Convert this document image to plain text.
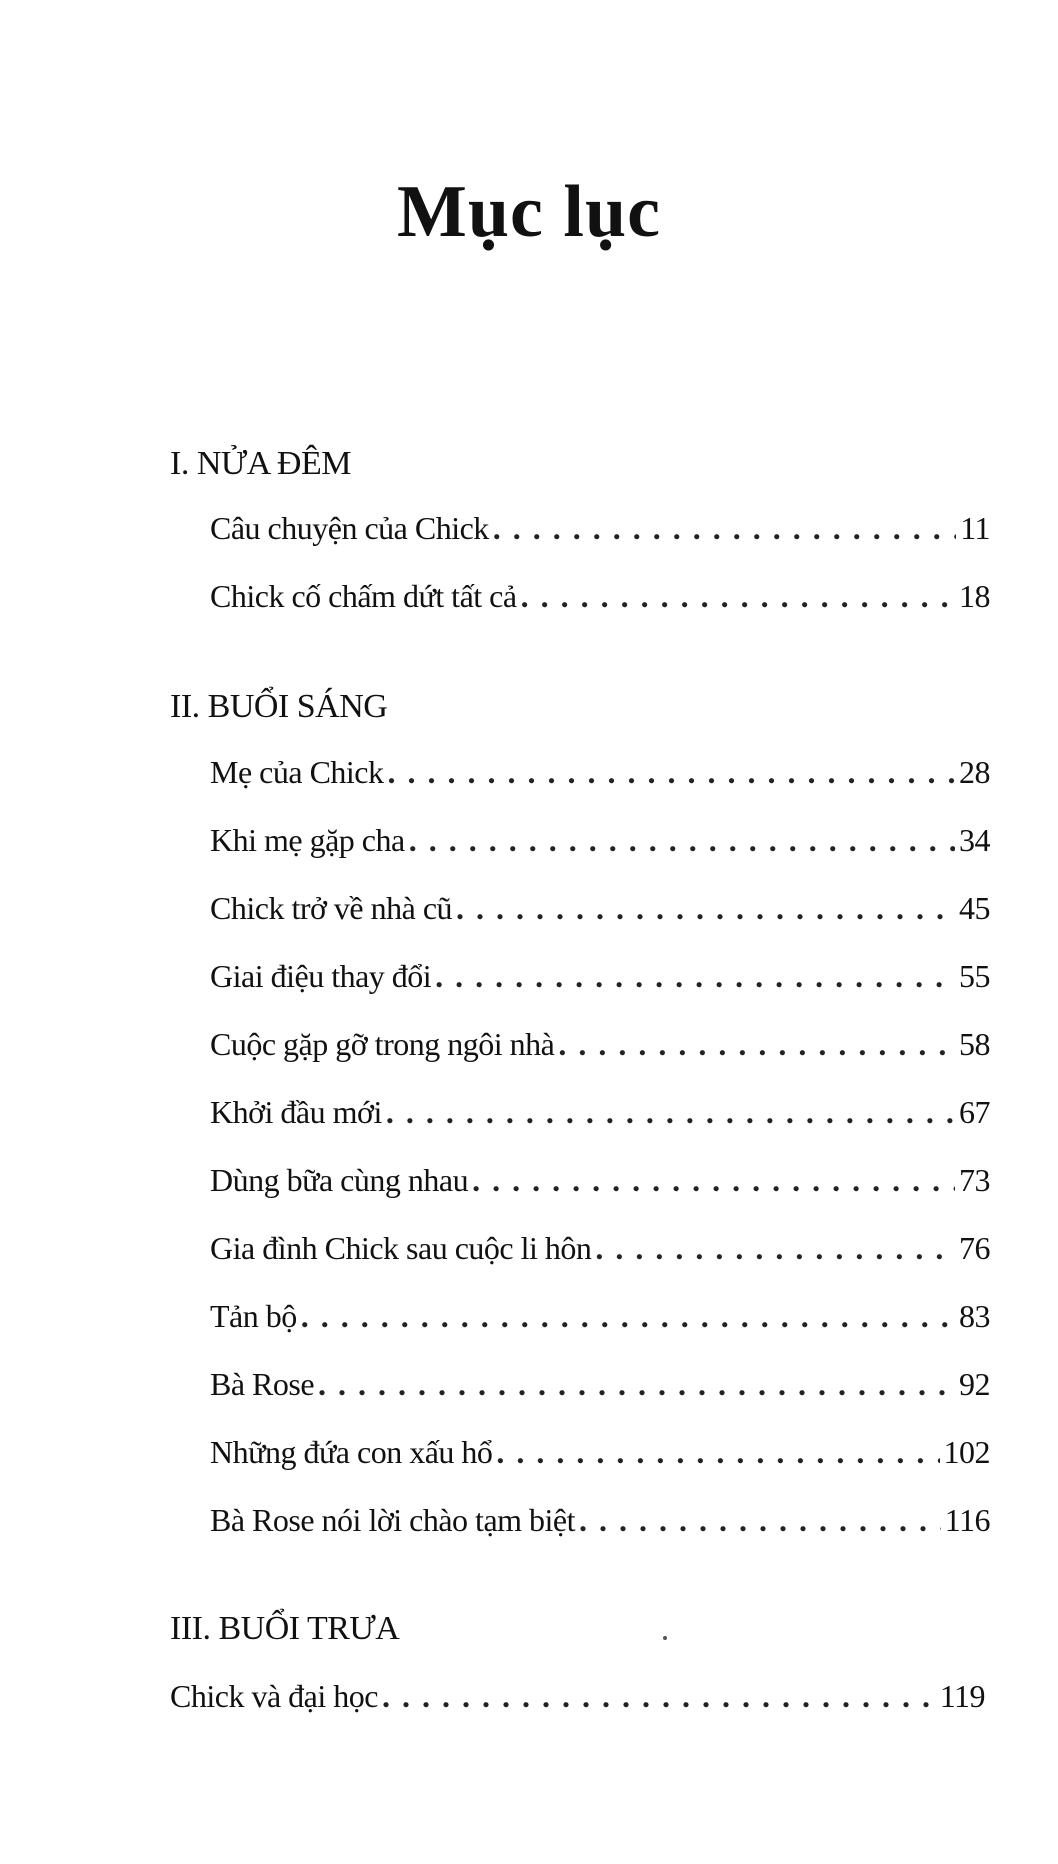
Mục lục
I. NỬA ĐÊM
Câu chuyện của Chick . . .	11
Chick cố chấm dứt tất cả . . .	18
II. BUỔI SÁNG
Mẹ của Chick . . .	28
Khi mẹ gặp cha . . .	34
Chick trở về nhà cũ . . .	45
Giai điệu thay đổi . . .	55
Cuộc gặp gỡ trong ngôi nhà . . .	58
Khởi đầu mới . . .	67
Dùng bữa cùng nhau . . .	73
Gia đình Chick sau cuộc li hôn . . .	76
Tản bộ . . .	83
Bà Rose . . .	92
Những đứa con xấu hổ . . .	102
Bà Rose nói lời chào tạm biệt . . .	116
III. BUỔI TRƯA
Chick và đại học . . .	119
